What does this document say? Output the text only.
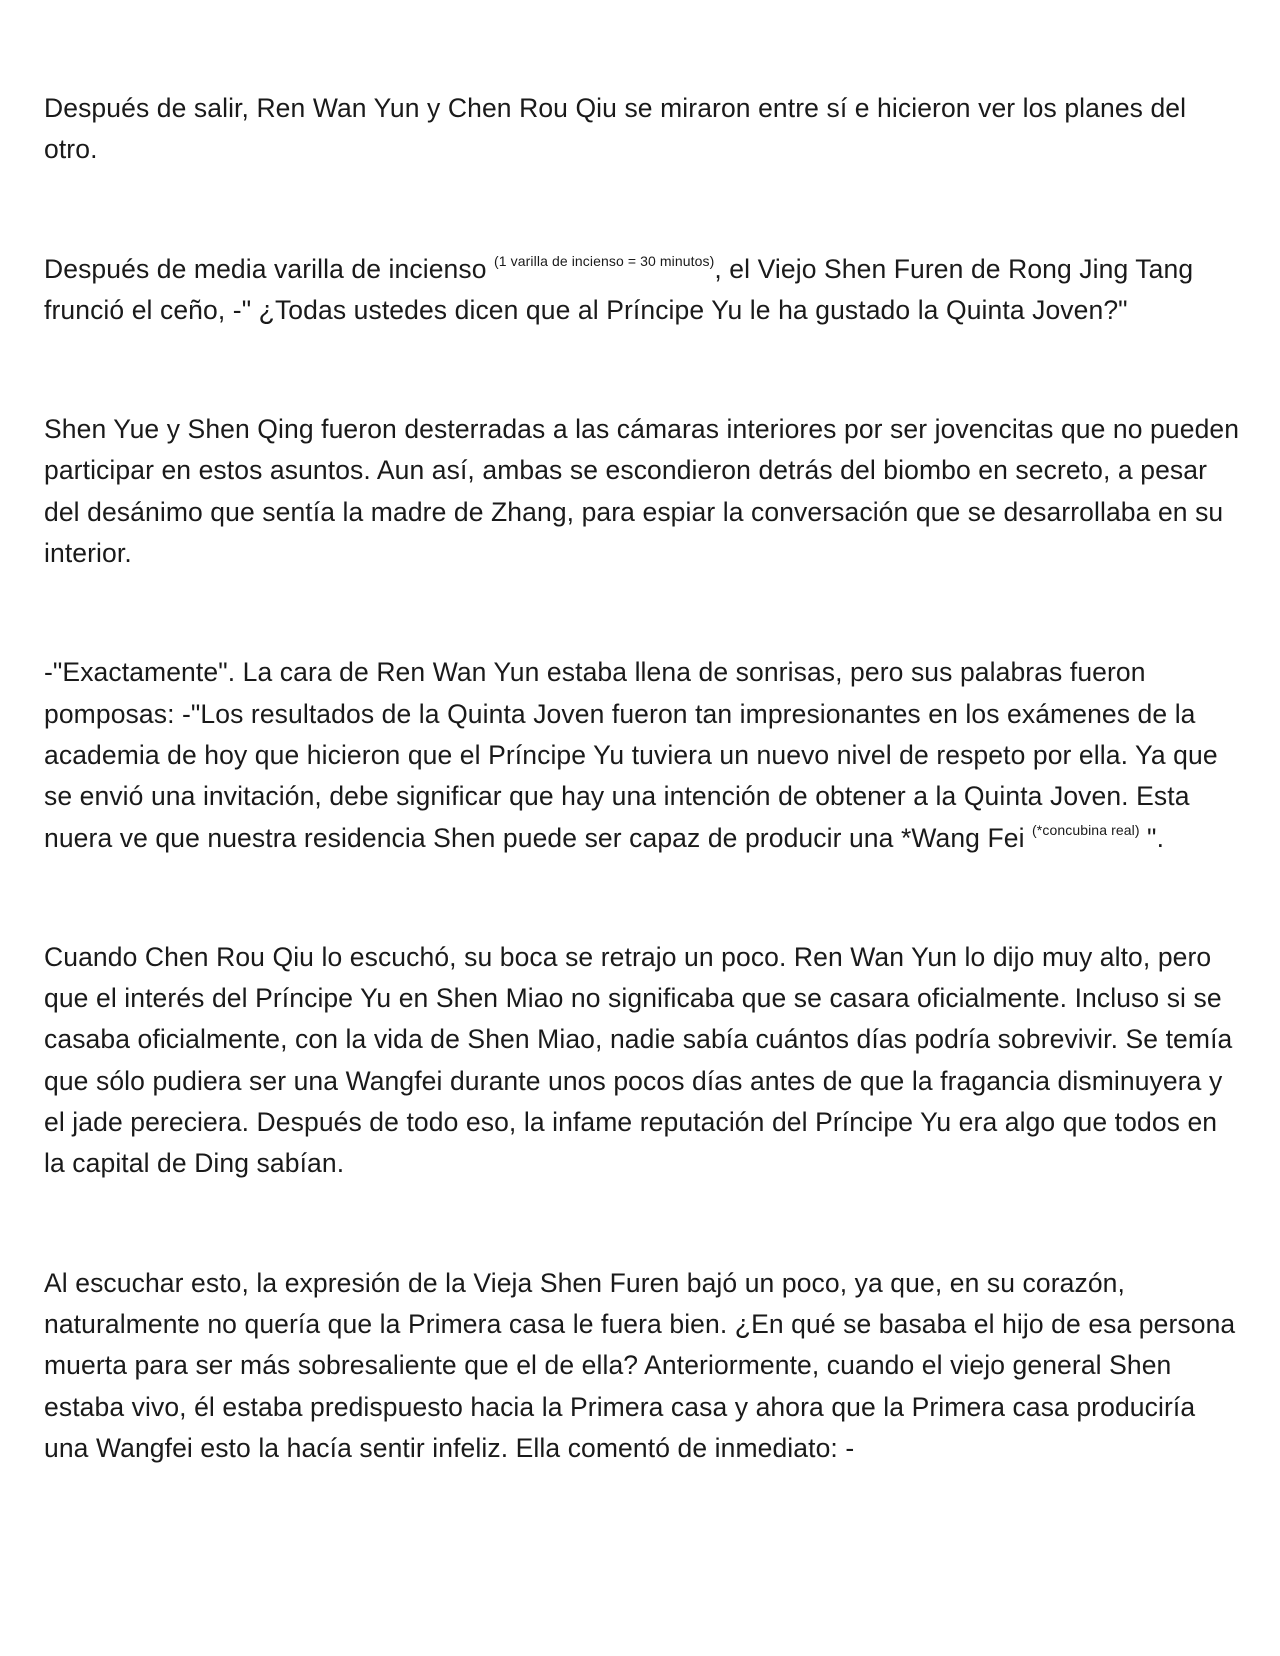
Después de salir, Ren Wan Yun y Chen Rou Qiu se miraron entre sí e hicieron ver los planes del otro.

Después de media varilla de incienso $^{(1 varilla de incienso = 30 minutos)}$, el Viejo Shen Furen de Rong Jing Tang frunció el ceño, -" ¿Todas ustedes dicen que al Príncipe Yu le ha gustado la Quinta Joven?"

Shen Yue y Shen Qing fueron desterradas a las cámaras interiores por ser jovencitas que no pueden participar en estos asuntos. Aun así, ambas se escondieron detrás del biombo en secreto, a pesar del desánimo que sentía la madre de Zhang, para espiar la conversación que se desarrollaba en su interior.

-"Exactamente". La cara de Ren Wan Yun estaba llena de sonrisas, pero sus palabras fueron pomposas: -"Los resultados de la Quinta Joven fueron tan impresionantes en los exámenes de la academia de hoy que hicieron que el Príncipe Yu tuviera un nuevo nivel de respeto por ella. Ya que se envió una invitación, debe significar que hay una intención de obtener a la Quinta Joven. Esta nuera ve que nuestra residencia Shen puede ser capaz de producir una *Wang Fei $^{(*concubina real)}$ ".

Cuando Chen Rou Qiu lo escuchó, su boca se retrajo un poco. Ren Wan Yun lo dijo muy alto, pero que el interés del Príncipe Yu en Shen Miao no significaba que se casara oficialmente. Incluso si se casaba oficialmente, con la vida de Shen Miao, nadie sabía cuántos días podría sobrevivir. Se temía que sólo pudiera ser una Wangfei durante unos pocos días antes de que la fragancia disminuyera y el jade pereciera. Después de todo eso, la infame reputación del Príncipe Yu era algo que todos en la capital de Ding sabían.

Al escuchar esto, la expresión de la Vieja Shen Furen bajó un poco, ya que, en su corazón, naturalmente no quería que la Primera casa le fuera bien. ¿En qué se basaba el hijo de esa persona muerta para ser más sobresaliente que el de ella? Anteriormente, cuando el viejo general Shen estaba vivo, él estaba predispuesto hacia la Primera casa y ahora que la Primera casa produciría una Wangfei esto la hacía sentir infeliz. Ella comentó de inmediato: -
